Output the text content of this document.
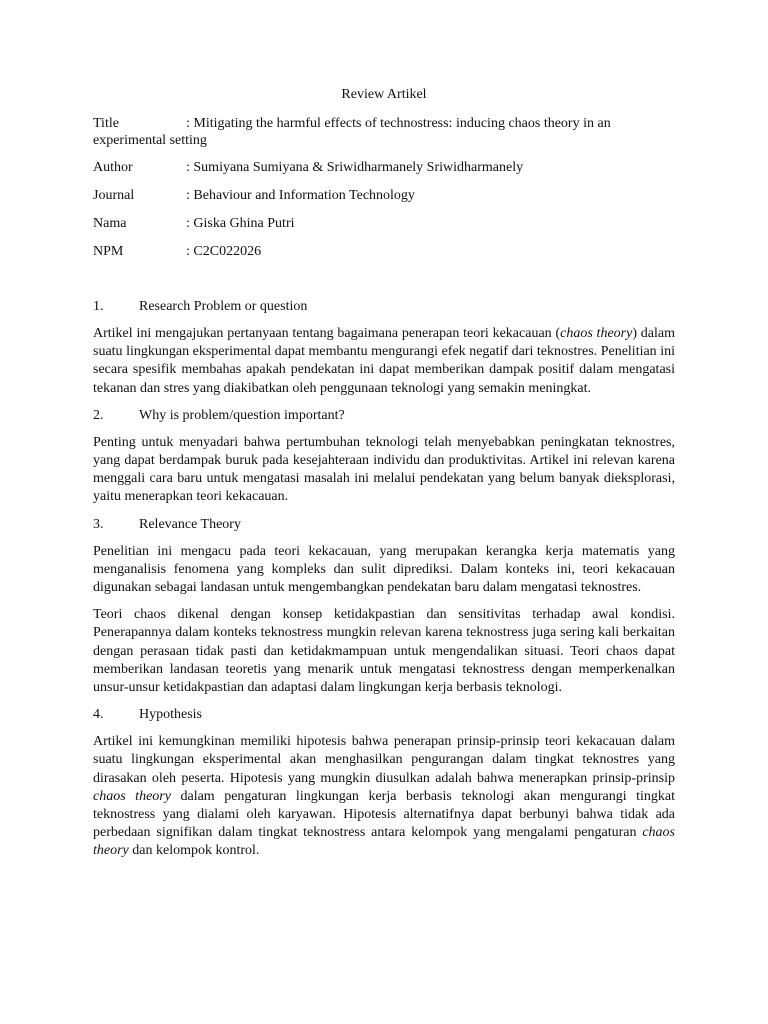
Review Artikel
Title	: Mitigating the harmful effects of technostress: inducing chaos theory in an experimental setting
Author	: Sumiyana Sumiyana & Sriwidharmanely Sriwidharmanely
Journal	: Behaviour and Information Technology
Nama	: Giska Ghina Putri
NPM	: C2C022026
1.	Research Problem or question

Artikel ini mengajukan pertanyaan tentang bagaimana penerapan teori kekacauan (chaos theory) dalam suatu lingkungan eksperimental dapat membantu mengurangi efek negatif dari teknostres. Penelitian ini secara spesifik membahas apakah pendekatan ini dapat memberikan dampak positif dalam mengatasi tekanan dan stres yang diakibatkan oleh penggunaan teknologi yang semakin meningkat.

2.	Why is problem/question important?

Penting untuk menyadari bahwa pertumbuhan teknologi telah menyebabkan peningkatan teknostres, yang dapat berdampak buruk pada kesejahteraan individu dan produktivitas. Artikel ini relevan karena menggali cara baru untuk mengatasi masalah ini melalui pendekatan yang belum banyak dieksplorasi, yaitu menerapkan teori kekacauan.

3.	Relevance Theory

Penelitian ini mengacu pada teori kekacauan, yang merupakan kerangka kerja matematis yang menganalisis fenomena yang kompleks dan sulit diprediksi. Dalam konteks ini, teori kekacauan digunakan sebagai landasan untuk mengembangkan pendekatan baru dalam mengatasi teknostres.

Teori chaos dikenal dengan konsep ketidakpastian dan sensitivitas terhadap awal kondisi. Penerapannya dalam konteks teknostress mungkin relevan karena teknostress juga sering kali berkaitan dengan perasaan tidak pasti dan ketidakmampuan untuk mengendalikan situasi. Teori chaos dapat memberikan landasan teoretis yang menarik untuk mengatasi teknostress dengan memperkenalkan unsur-unsur ketidakpastian dan adaptasi dalam lingkungan kerja berbasis teknologi.

4.	Hypothesis

Artikel ini kemungkinan memiliki hipotesis bahwa penerapan prinsip-prinsip teori kekacauan dalam suatu lingkungan eksperimental akan menghasilkan pengurangan dalam tingkat teknostres yang dirasakan oleh peserta. Hipotesis yang mungkin diusulkan adalah bahwa menerapkan prinsip-prinsip chaos theory dalam pengaturan lingkungan kerja berbasis teknologi akan mengurangi tingkat teknostress yang dialami oleh karyawan. Hipotesis alternatifnya dapat berbunyi bahwa tidak ada perbedaan signifikan dalam tingkat teknostress antara kelompok yang mengalami pengaturan chaos theory dan kelompok kontrol.
